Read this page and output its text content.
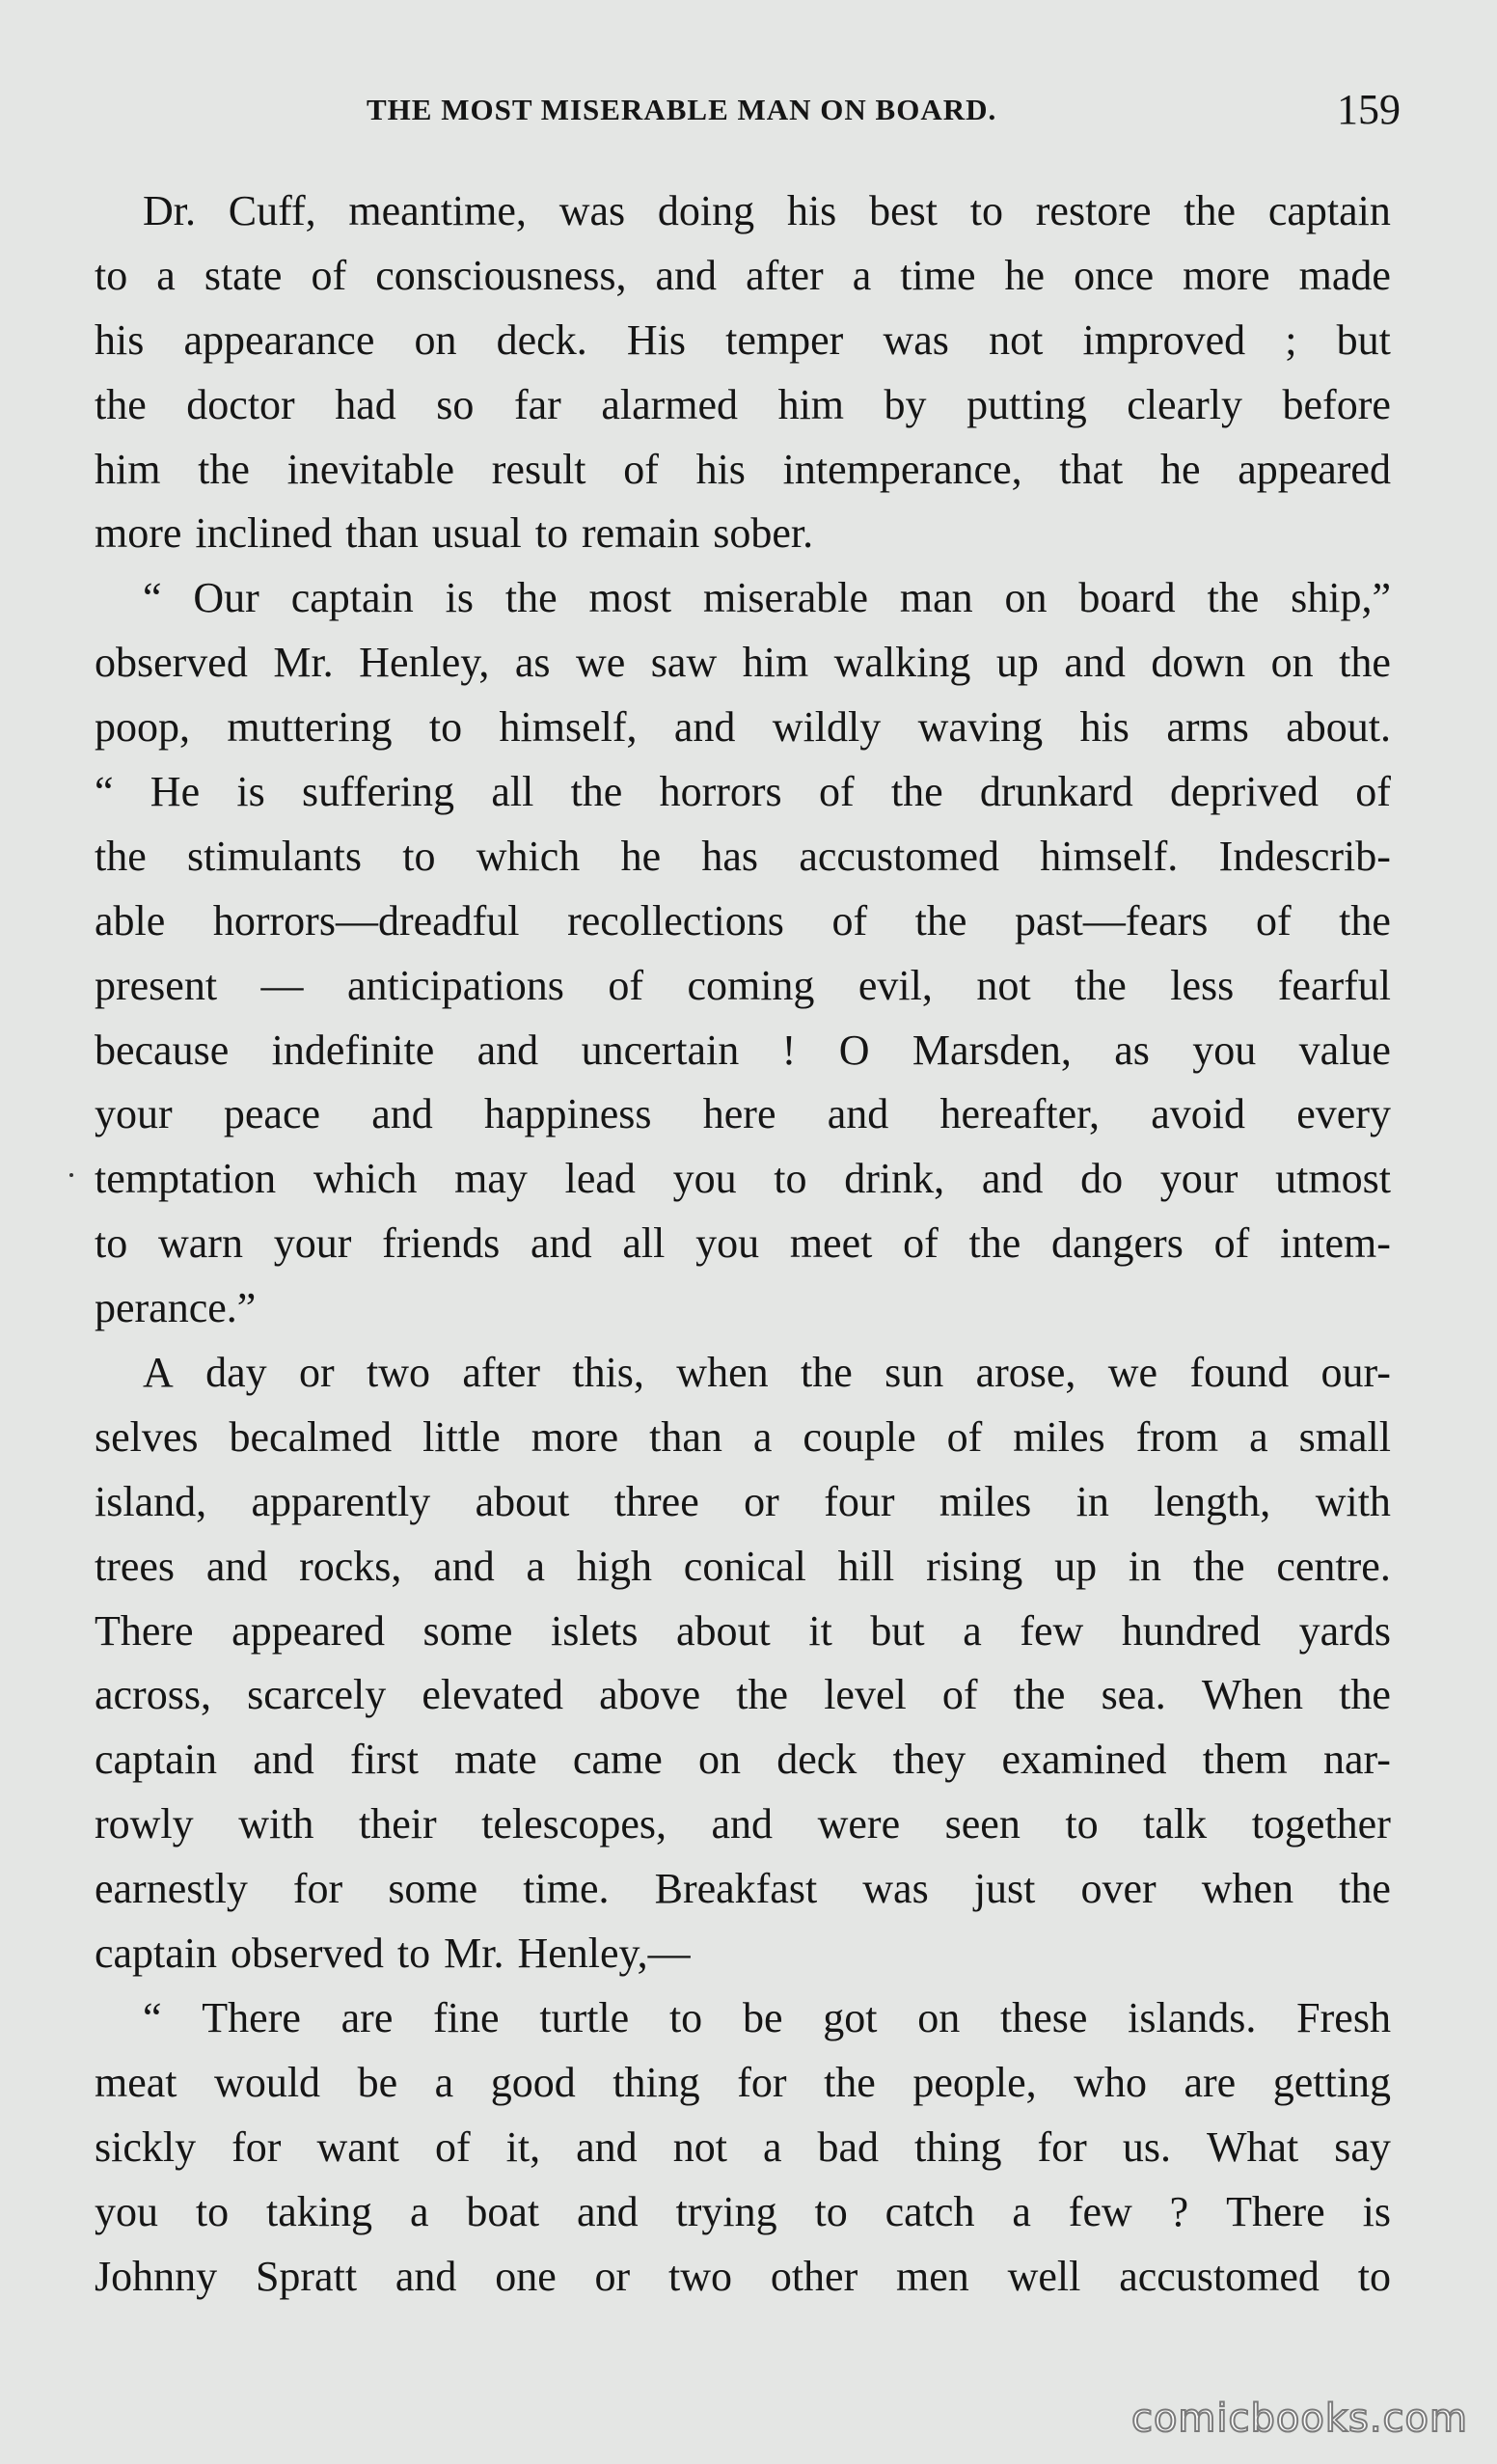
THE MOST MISERABLE MAN ON BOARD.	159
Dr. Cuff, meantime, was doing his best to restore the captain
to a state of consciousness, and after a time he once more made
his appearance on deck. His temper was not improved ; but
the doctor had so far alarmed him by putting clearly before
him the inevitable result of his intemperance, that he appeared
more inclined than usual to remain sober.
“ Our captain is the most miserable man on board the ship,”
observed Mr. Henley, as we saw him walking up and down on the
poop, muttering to himself, and wildly waving his arms about.
“ He is suffering all the horrors of the drunkard deprived of
the stimulants to which he has accustomed himself. Indescrib-
able horrors—dreadful recollections of the past—fears of the
present — anticipations of coming evil, not the less fearful
because indefinite and uncertain ! O Marsden, as you value
your peace and happiness here and hereafter, avoid every
temptation which may lead you to drink, and do your utmost
to warn your friends and all you meet of the dangers of intem-
perance.”
A day or two after this, when the sun arose, we found our-
selves becalmed little more than a couple of miles from a small
island, apparently about three or four miles in length, with
trees and rocks, and a high conical hill rising up in the centre.
There appeared some islets about it but a few hundred yards
across, scarcely elevated above the level of the sea. When the
captain and first mate came on deck they examined them nar-
rowly with their telescopes, and were seen to talk together
earnestly for some time. Breakfast was just over when the
captain observed to Mr. Henley,—
“ There are fine turtle to be got on these islands. Fresh
meat would be a good thing for the people, who are getting
sickly for want of it, and not a bad thing for us. What say
you to taking a boat and trying to catch a few ? There is
Johnny Spratt and one or two other men well accustomed to
comicbooks.com
